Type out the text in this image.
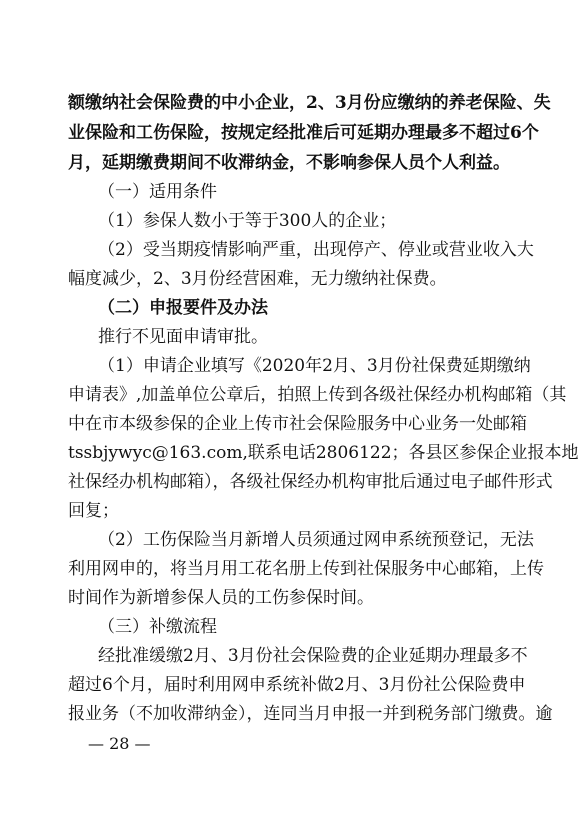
额缴纳社会保险费的中小企业，2、3月份应缴纳的养老保险、失
业保险和工伤保险，按规定经批准后可延期办理最多不超过6个
月，延期缴费期间不收滞纳金，不影响参保人员个人利益。
（一）适用条件
（1）参保人数小于等于300人的企业；
（2）受当期疫情影响严重，出现停产、停业或营业收入大
幅度减少，2、3月份经营困难，无力缴纳社保费。
（二）申报要件及办法
推行不见面申请审批。
（1）申请企业填写《2020年2月、3月份社保费延期缴纳
申请表》,加盖单位公章后，拍照上传到各级社保经办机构邮箱（其
中在市本级参保的企业上传市社会保险服务中心业务一处邮箱
tssbjywyc@163.com,联系电话2806122；各县区参保企业报本地
社保经办机构邮箱），各级社保经办机构审批后通过电子邮件形式
回复；
（2）工伤保险当月新增人员须通过网申系统预登记，无法
利用网申的，将当月用工花名册上传到社保服务中心邮箱，上传
时间作为新增参保人员的工伤参保时间。
（三）补缴流程
经批准缓缴2月、3月份社会保险费的企业延期办理最多不
超过6个月，届时利用网申系统补做2月、3月份社公保险费申
报业务（不加收滞纳金），连同当月申报一并到税务部门缴费。逾
— 28 —
